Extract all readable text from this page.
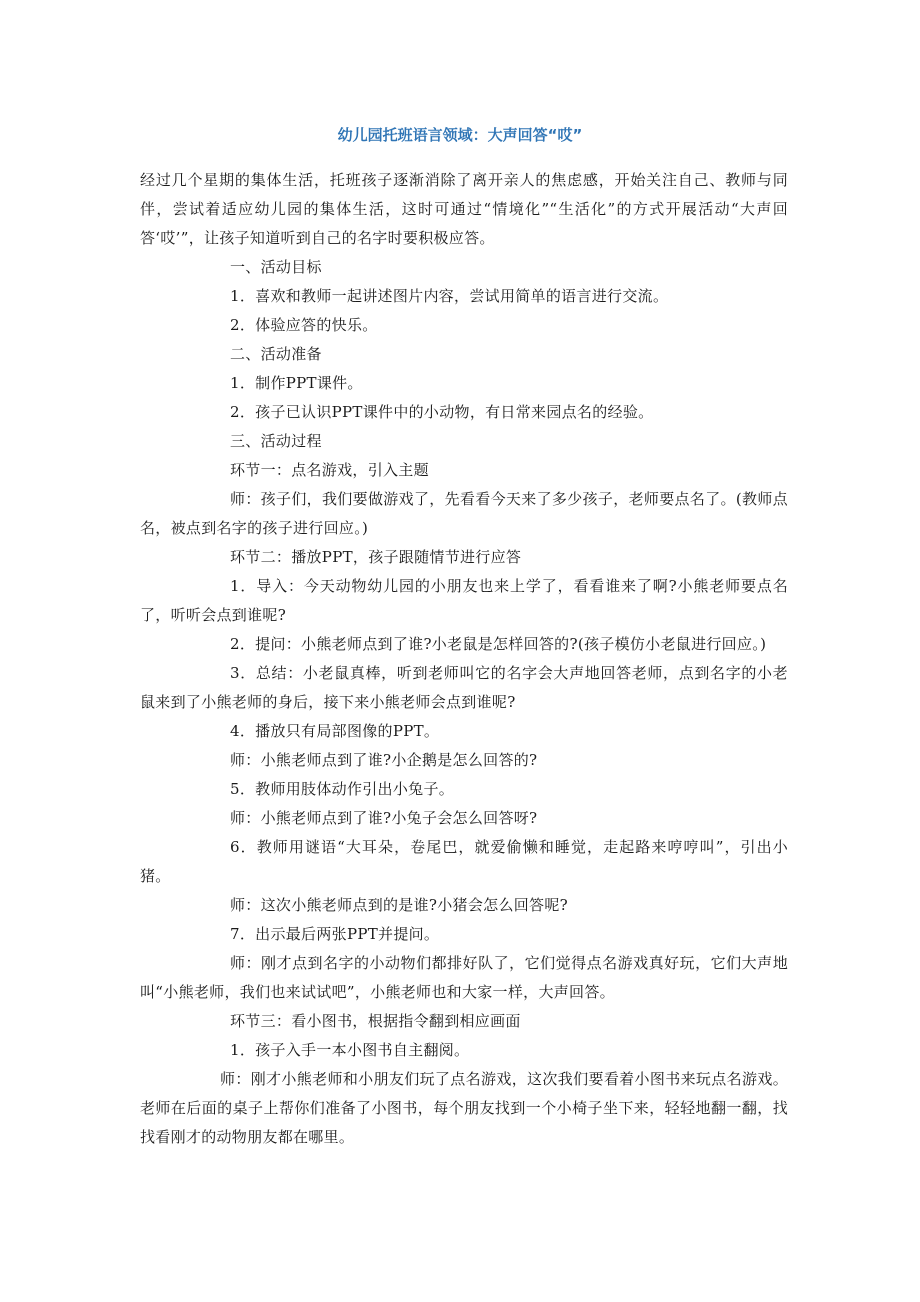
幼儿园托班语言领域：大声回答“哎”

经过几个星期的集体生活，托班孩子逐渐消除了离开亲人的焦虑感，开始关注自己、教师与同伴，尝试着适应幼儿园的集体生活，这时可通过“情境化”“生活化”的方式开展活动“大声回答‘哎’”，让孩子知道听到自己的名字时要积极应答。

一、活动目标

1．喜欢和教师一起讲述图片内容，尝试用简单的语言进行交流。

2．体验应答的快乐。

二、活动准备

1．制作PPT课件。

2．孩子已认识PPT课件中的小动物，有日常来园点名的经验。

三、活动过程

环节一：点名游戏，引入主题

师：孩子们，我们要做游戏了，先看看今天来了多少孩子，老师要点名了。(教师点名，被点到名字的孩子进行回应。)

环节二：播放PPT，孩子跟随情节进行应答

1．导入：今天动物幼儿园的小朋友也来上学了，看看谁来了啊?小熊老师要点名了，听听会点到谁呢?

2．提问：小熊老师点到了谁?小老鼠是怎样回答的?(孩子模仿小老鼠进行回应。)

3．总结：小老鼠真棒，听到老师叫它的名字会大声地回答老师，点到名字的小老鼠来到了小熊老师的身后，接下来小熊老师会点到谁呢?

4．播放只有局部图像的PPT。

师：小熊老师点到了谁?小企鹅是怎么回答的?

5．教师用肢体动作引出小兔子。

师：小熊老师点到了谁?小兔子会怎么回答呀?

6．教师用谜语“大耳朵，卷尾巴，就爱偷懒和睡觉，走起路来哼哼叫”，引出小猪。

师：这次小熊老师点到的是谁?小猪会怎么回答呢?

7．出示最后两张PPT并提问。

师：刚才点到名字的小动物们都排好队了，它们觉得点名游戏真好玩，它们大声地叫“小熊老师，我们也来试试吧”，小熊老师也和大家一样，大声回答。

环节三：看小图书，根据指令翻到相应画面

1．孩子入手一本小图书自主翻阅。

师：刚才小熊老师和小朋友们玩了点名游戏，这次我们要看着小图书来玩点名游戏。老师在后面的桌子上帮你们准备了小图书，每个朋友找到一个小椅子坐下来，轻轻地翻一翻，找找看刚才的动物朋友都在哪里。
